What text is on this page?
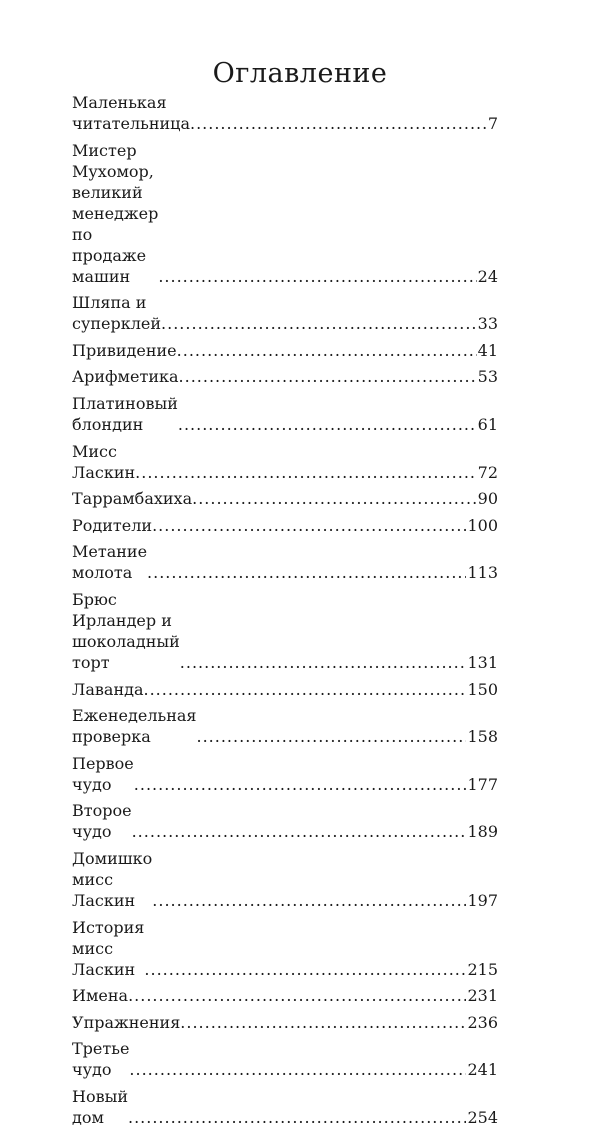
Оглавление
Маленькая читательница .....	7
Мистер Мухомор, великий
менеджер по продаже машин .....	24
Шляпа и суперклей .....	33
Привидение .....	41
Арифметика .....	53
Платиновый блондин .....	61
Мисс Ласкин .....	72
Таррамбахиха .....	90
Родители .....	100
Метание молота .....	113
Брюс Ирландер и шоколадный торт .....	131
Лаванда .....	150
Еженедельная проверка .....	158
Первое чудо .....	177
Второе чудо .....	189
Домишко мисс Ласкин .....	197
История мисс Ласкин .....	215
Имена .....	231
Упражнения .....	236
Третье чудо .....	241
Новый дом .....	254
